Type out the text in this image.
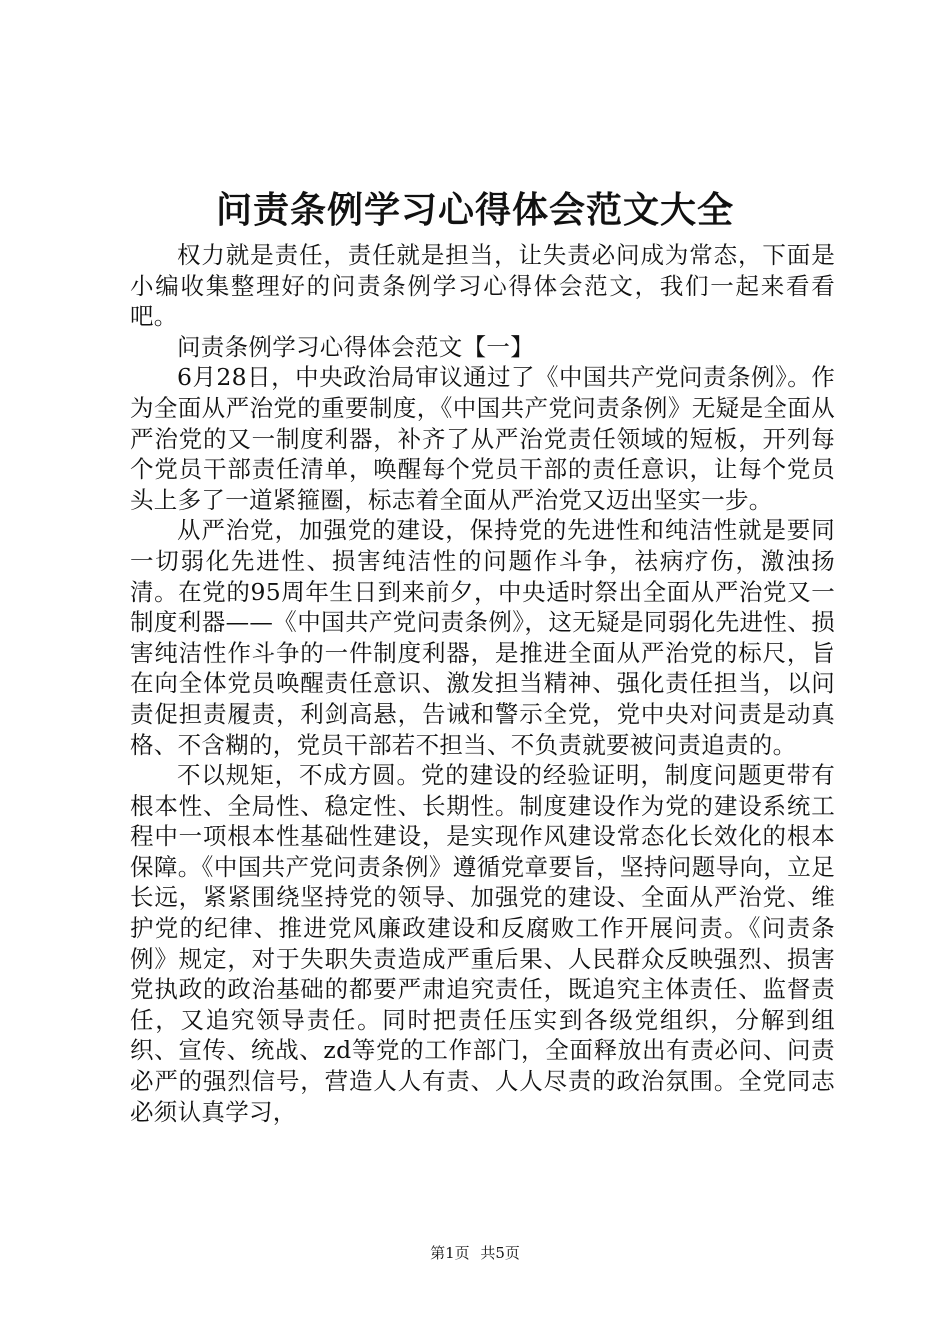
问责条例学习心得体会范文大全

权力就是责任，责任就是担当，让失责必问成为常态，下面是小编收集整理好的问责条例学习心得体会范文，我们一起来看看吧。

问责条例学习心得体会范文【一】

6月28日，中央政治局审议通过了《中国共产党问责条例》。作为全面从严治党的重要制度，《中国共产党问责条例》无疑是全面从严治党的又一制度利器，补齐了从严治党责任领域的短板，开列每个党员干部责任清单，唤醒每个党员干部的责任意识，让每个党员头上多了一道紧箍圈，标志着全面从严治党又迈出坚实一步。

从严治党，加强党的建设，保持党的先进性和纯洁性就是要同一切弱化先进性、损害纯洁性的问题作斗争，祛病疗伤，激浊扬清。在党的95周年生日到来前夕，中央适时祭出全面从严治党又一制度利器——《中国共产党问责条例》，这无疑是同弱化先进性、损害纯洁性作斗争的一件制度利器，是推进全面从严治党的标尺，旨在向全体党员唤醒责任意识、激发担当精神、强化责任担当，以问责促担责履责，利剑高悬，告诫和警示全党，党中央对问责是动真格、不含糊的，党员干部若不担当、不负责就要被问责追责的。

不以规矩，不成方圆。党的建设的经验证明，制度问题更带有根本性、全局性、稳定性、长期性。制度建设作为党的建设系统工程中一项根本性基础性建设，是实现作风建设常态化长效化的根本保障。《中国共产党问责条例》遵循党章要旨，坚持问题导向，立足长远，紧紧围绕坚持党的领导、加强党的建设、全面从严治党、维护党的纪律、推进党风廉政建设和反腐败工作开展问责。《问责条例》规定，对于失职失责造成严重后果、人民群众反映强烈、损害党执政的政治基础的都要严肃追究责任，既追究主体责任、监督责任，又追究领导责任。同时把责任压实到各级党组织，分解到组织、宣传、统战、zd等党的工作部门，全面释放出有责必问、问责必严的强烈信号，营造人人有责、人人尽责的政治氛围。全党同志必须认真学习，

第1页 共5页
